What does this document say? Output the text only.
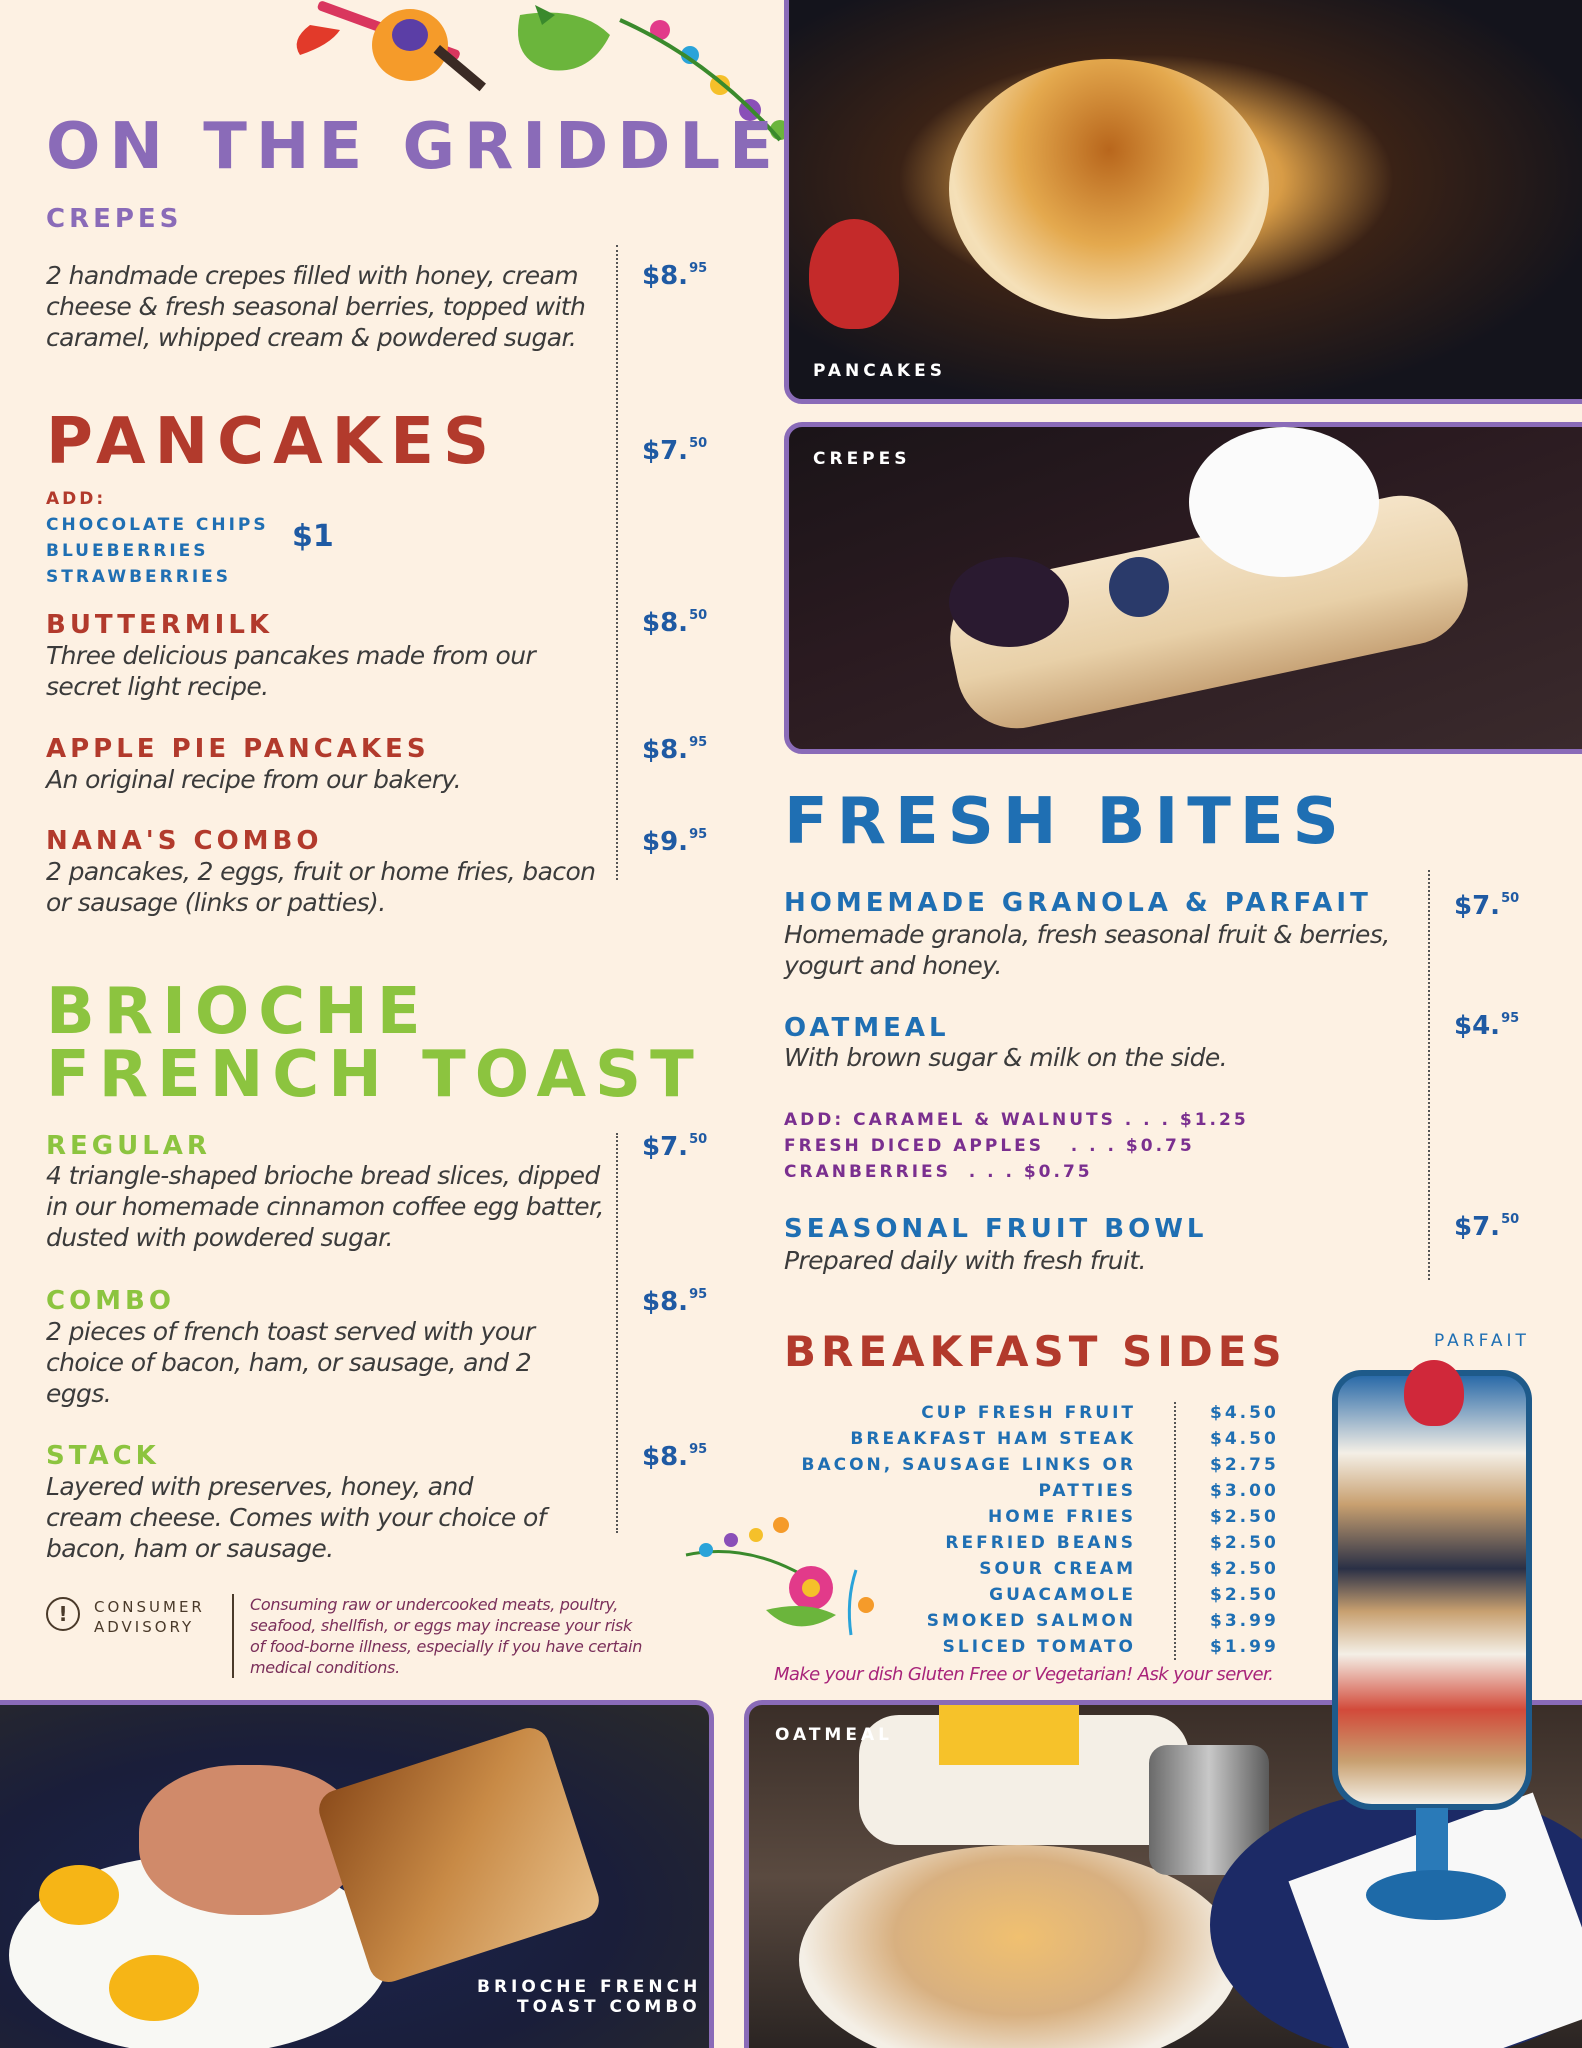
ON THE GRIDDLE
CREPES
2 handmade crepes filled with honey, cream cheese & fresh seasonal berries, topped with caramel, whipped cream & powdered sugar.
$8.95
PANCAKES	$7.50
ADD:
CHOCOLATE CHIPS
BLUEBERRIES
STRAWBERRIES
$1
BUTTERMILK
Three delicious pancakes made from our secret light recipe.
$8.50
APPLE PIE PANCAKES
An original recipe from our bakery.
$8.95
NANA'S COMBO
2 pancakes, 2 eggs, fruit or home fries, bacon or sausage (links or patties).
$9.95
BRIOCHE
FRENCH TOAST
REGULAR
4 triangle-shaped brioche bread slices, dipped in our homemade cinnamon coffee egg batter, dusted with powdered sugar.
$7.50
COMBO
2 pieces of french toast served with your choice of bacon, ham, or sausage, and 2 eggs.
$8.95
STACK
Layered with preserves, honey, and cream cheese. Comes with your choice of bacon, ham or sausage.
$8.95
!	CONSUMER
ADVISORY
Consuming raw or undercooked meats, poultry, seafood, shellfish, or eggs may increase your risk of food-borne illness, especially if you have certain medical conditions.
PANCAKES
CREPES
BRIOCHE FRENCH
TOAST COMBO
OATMEAL
PARFAIT
FRESH BITES
HOMEMADE GRANOLA & PARFAIT
Homemade granola, fresh seasonal fruit & berries, yogurt and honey.
$7.50
OATMEAL
With brown sugar & milk on the side.
$4.95
ADD: CARAMEL & WALNUTS . . . $1.25
FRESH DICED APPLES   . . . $0.75
CRANBERRIES  . . . $0.75
SEASONAL FRUIT BOWL
Prepared daily with fresh fruit.
$7.50
BREAKFAST SIDES
CUP FRESH FRUIT
BREAKFAST HAM STEAK
BACON, SAUSAGE LINKS OR
PATTIES
HOME FRIES
REFRIED BEANS
SOUR CREAM
GUACAMOLE
SMOKED SALMON
SLICED TOMATO
$4.50
$4.50
$2.75
$3.00
$2.50
$2.50
$2.50
$2.50
$3.99
$1.99
Make your dish Gluten Free or Vegetarian! Ask your server.
